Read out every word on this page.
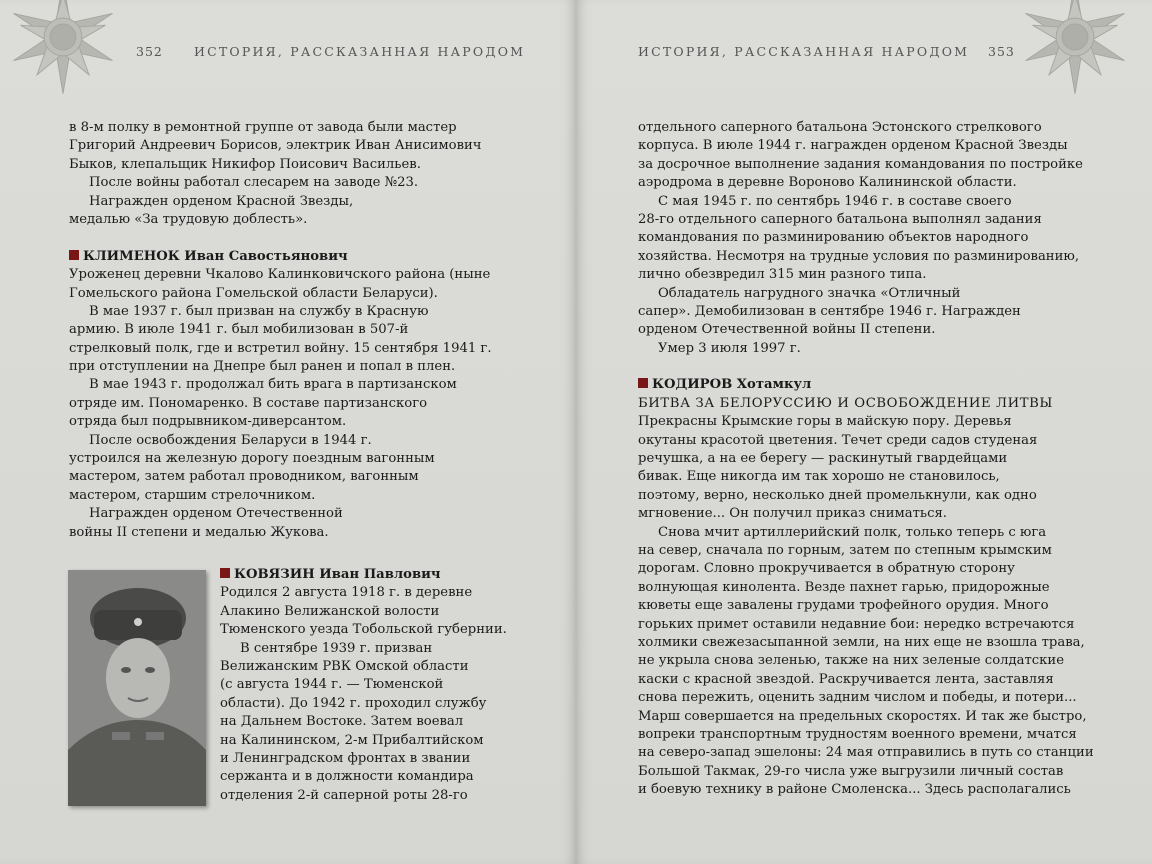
352 ИСТОРИЯ, РАССКАЗАННАЯ НАРОДОМ
в 8-м полку в ремонтной группе от завода были мастер
Григорий Андреевич Борисов, электрик Иван Анисимович
Быков, клепальщик Никифор Поисович Васильев.
После войны работал слесарем на заводе №23.
Награжден орденом Красной Звезды,
медалью «За трудовую доблесть».
КЛИМЕНОК Иван Савостьянович
Уроженец деревни Чкалово Калинковичского района (ныне
Гомельского района Гомельской области Беларуси).
В мае 1937 г. был призван на службу в Красную
армию. В июле 1941 г. был мобилизован в 507-й
стрелковый полк, где и встретил войну. 15 сентября 1941 г.
при отступлении на Днепре был ранен и попал в плен.
В мае 1943 г. продолжал бить врага в партизанском
отряде им. Пономаренко. В составе партизанского
отряда был подрывником-диверсантом.
После освобождения Беларуси в 1944 г.
устроился на железную дорогу поездным вагонным
мастером, затем работал проводником, вагонным
мастером, старшим стрелочником.
Награжден орденом Отечественной
войны II степени и медалью Жукова.
КОВЯЗИН Иван Павлович
Родился 2 августа 1918 г. в деревне
Алакино Велижанской волости
Тюменского уезда Тобольской губернии.
В сентябре 1939 г. призван
Велижанским РВК Омской области
(с августа 1944 г. — Тюменской
области). До 1942 г. проходил службу
на Дальнем Востоке. Затем воевал
на Калининском, 2-м Прибалтийском
и Ленинградском фронтах в звании
сержанта и в должности командира
отделения 2-й саперной роты 28-го
ИСТОРИЯ, РАССКАЗАННАЯ НАРОДОМ 353
отдельного саперного батальона Эстонского стрелкового
корпуса. В июле 1944 г. награжден орденом Красной Звезды
за досрочное выполнение задания командования по постройке
аэродрома в деревне Вороново Калининской области.
С мая 1945 г. по сентябрь 1946 г. в составе своего
28-го отдельного саперного батальона выполнял задания
командования по разминированию объектов народного
хозяйства. Несмотря на трудные условия по разминированию,
лично обезвредил 315 мин разного типа.
Обладатель нагрудного значка «Отличный
сапер». Демобилизован в сентябре 1946 г. Награжден
орденом Отечественной войны II степени.
Умер 3 июля 1997 г.
КОДИРОВ Хотамкул
БИТВА ЗА БЕЛОРУССИЮ И ОСВОБОЖДЕНИЕ ЛИТВЫ
Прекрасны Крымские горы в майскую пору. Деревья
окутаны красотой цветения. Течет среди садов студеная
речушка, а на ее берегу — раскинутый гвардейцами
бивак. Еще никогда им так хорошо не становилось,
поэтому, верно, несколько дней промелькнули, как одно
мгновение... Он получил приказ сниматься.
Снова мчит артиллерийский полк, только теперь с юга
на север, сначала по горным, затем по степным крымским
дорогам. Словно прокручивается в обратную сторону
волнующая кинолента. Везде пахнет гарью, придорожные
кюветы еще завалены грудами трофейного орудия. Много
горьких примет оставили недавние бои: нередко встречаются
холмики свежезасыпанной земли, на них еще не взошла трава,
не укрыла снова зеленью, также на них зеленые солдатские
каски с красной звездой. Раскручивается лента, заставляя
снова пережить, оценить задним числом и победы, и потери...
Марш совершается на предельных скоростях. И так же быстро,
вопреки транспортным трудностям военного времени, мчатся
на северо-запад эшелоны: 24 мая отправились в путь со станции
Большой Такмак, 29-го числа уже выгрузили личный состав
и боевую технику в районе Смоленска... Здесь располагались
